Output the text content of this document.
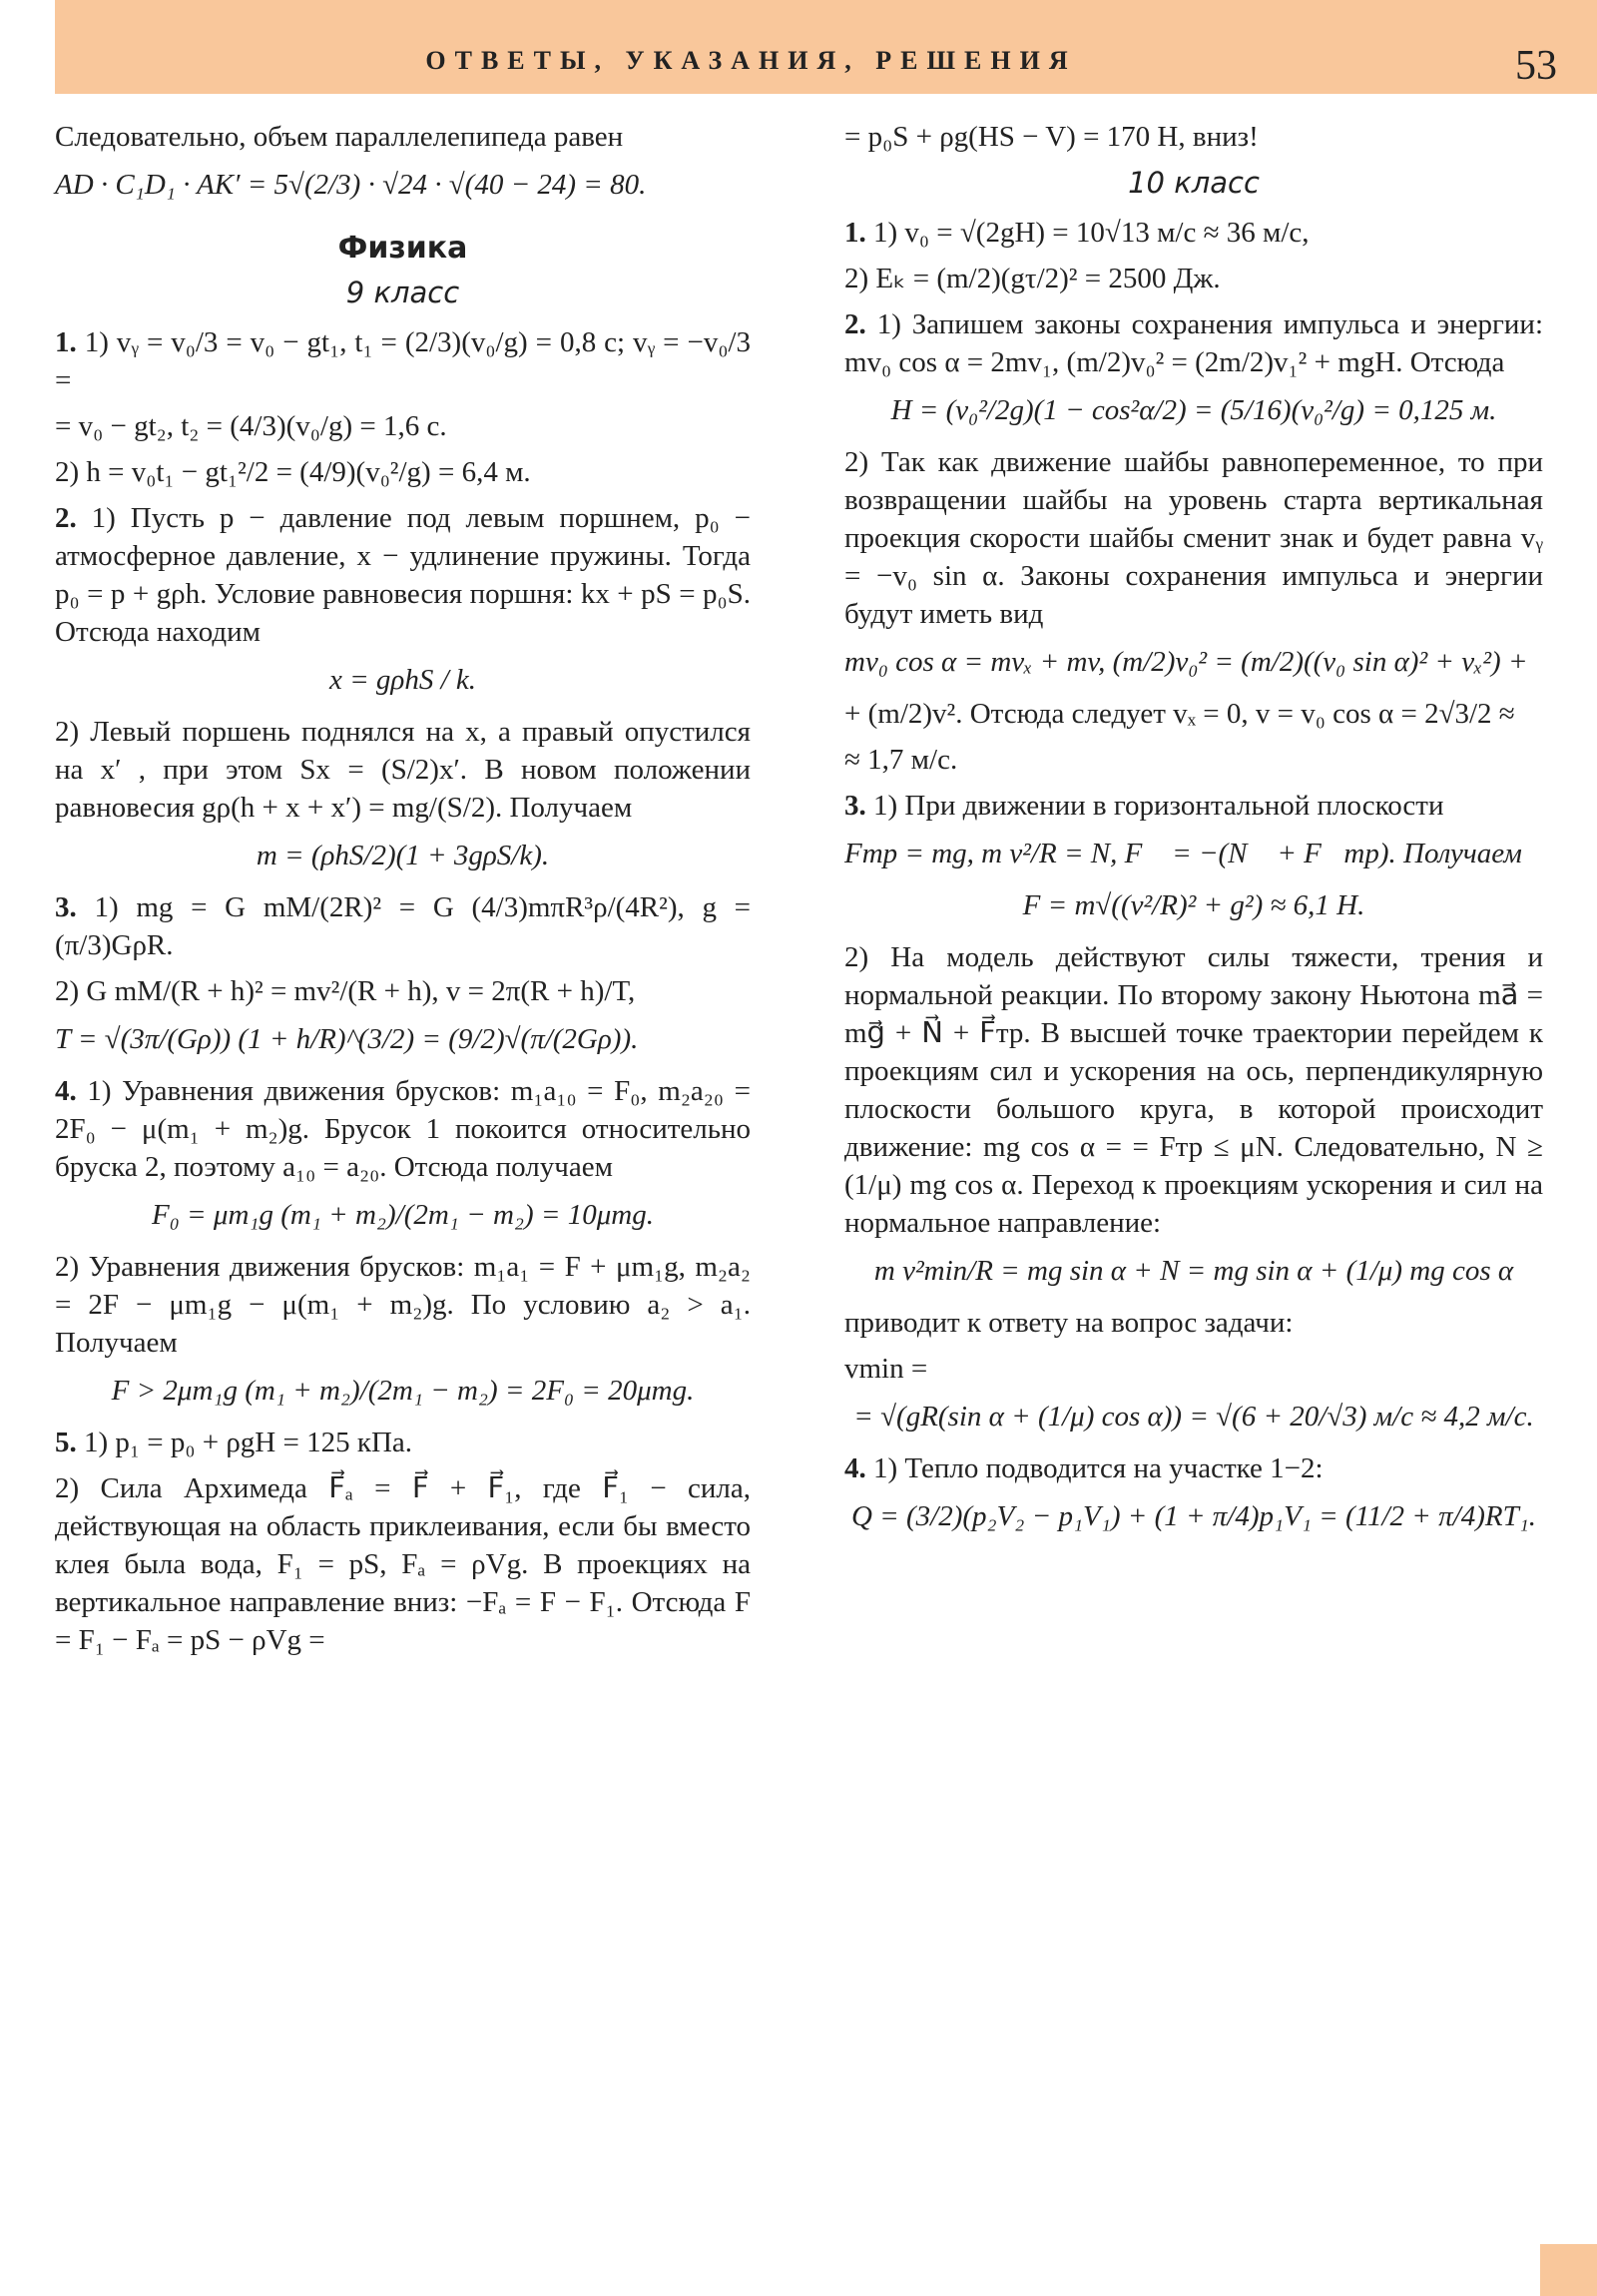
ОТВЕТЫ, УКАЗАНИЯ, РЕШЕНИЯ	53

Следовательно, объем параллелепипеда равен

AD · C₁D₁ · AK′ = 5√(2/3) · √24 · √(40 − 24) = 80.
Физика
9 класс

1. 1) vᵧ = v₀/3 = v₀ − gt₁, t₁ = (2/3)(v₀/g) = 0,8 с; vᵧ = −v₀/3 =

= v₀ − gt₂, t₂ = (4/3)(v₀/g) = 1,6 с.

2) h = v₀t₁ − gt₁²/2 = (4/9)(v₀²/g) = 6,4 м.

2. 1) Пусть p − давление под левым поршнем, p₀ − атмосферное давление, x − удлинение пружины. Тогда p₀ = p + gρh. Условие равновесия поршня: kx + pS = p₀S. Отсюда находим

x = gρhS / k.

2) Левый поршень поднялся на x, а правый опустился на x′ , при этом Sx = (S/2)x′. В новом положении равновесия gρ(h + x + x′) = mg/(S/2). Получаем

m = (ρhS/2)(1 + 3gρS/k).

3. 1) mg = G mM/(2R)² = G (4/3)mπR³ρ/(4R²), g = (π/3)GρR.

2) G mM/(R + h)² = mv²/(R + h), v = 2π(R + h)/T,

T = √(3π/(Gρ)) (1 + h/R)^(3/2) = (9/2)√(π/(2Gρ)).

4. 1) Уравнения движения брусков: m₁a₁₀ = F₀, m₂a₂₀ = 2F₀ − μ(m₁ + m₂)g. Брусок 1 покоится относительно бруска 2, поэтому a₁₀ = a₂₀. Отсюда получаем

F₀ = μm₁g (m₁ + m₂)/(2m₁ − m₂) = 10μmg.

2) Уравнения движения брусков: m₁a₁ = F + μm₁g, m₂a₂ = 2F − μm₁g − μ(m₁ + m₂)g. По условию a₂ > a₁. Получаем

F > 2μm₁g (m₁ + m₂)/(2m₁ − m₂) = 2F₀ = 20μmg.

5. 1) p₁ = p₀ + ρgH = 125 кПа.

2) Сила Архимеда F⃗ₐ = F⃗ + F⃗₁, где F⃗₁ − сила, действующая на область приклеивания, если бы вместо клея была вода, F₁ = pS, Fₐ = ρVg. В проекциях на вертикальное направление вниз: −Fₐ = F − F₁. Отсюда F = F₁ − Fₐ = pS − ρVg =

= p₀S + ρg(HS − V) = 170 Н, вниз!

10 класс

1. 1) v₀ = √(2gH) = 10√13 м/с ≈ 36 м/с,

2) Eₖ = (m/2)(gτ/2)² = 2500 Дж.

2. 1) Запишем законы сохранения импульса и энергии: mv₀ cos α = 2mv₁, (m/2)v₀² = (2m/2)v₁² + mgH. Отсюда

H = (v₀²/2g)(1 − cos²α/2) = (5/16)(v₀²/g) = 0,125 м.

2) Так как движение шайбы равнопеременное, то при возвращении шайбы на уровень старта вертикальная проекция скорости шайбы сменит знак и будет равна vᵧ = −v₀ sin α. Законы сохранения импульса и энергии будут иметь вид

mv₀ cos α = mvₓ + mv, (m/2)v₀² = (m/2)((v₀ sin α)² + vₓ²) +

+ (m/2)v². Отсюда следует vₓ = 0, v = v₀ cos α = 2√3/2 ≈

≈ 1,7 м/с.

3. 1) При движении в горизонтальной плоскости

Fтр = mg, m v²/R = N, F⃗ = −(N⃗ + F⃗тр). Получаем
F = m√((v²/R)² + g²) ≈ 6,1 Н.

2) На модель действуют силы тяжести, трения и нормальной реакции. По второму закону Ньютона ma⃗ = mg⃗ + N⃗ + F⃗тр. В высшей точке траектории перейдем к проекциям сил и ускорения на ось, перпендикулярную плоскости большого круга, в которой происходит движение: mg cos α = = Fтр ≤ μN. Следовательно, N ≥ (1/μ) mg cos α. Переход к проекциям ускорения и сил на нормальное направление:

m v²min/R = mg sin α + N = mg sin α + (1/μ) mg cos α

приводит к ответу на вопрос задачи:

vmin =

= √(gR(sin α + (1/μ) cos α)) = √(6 + 20/√3) м/с ≈ 4,2 м/с.

4. 1) Тепло подводится на участке 1−2:

Q = (3/2)(p₂V₂ − p₁V₁) + (1 + π/4)p₁V₁ = (11/2 + π/4)RT₁.
